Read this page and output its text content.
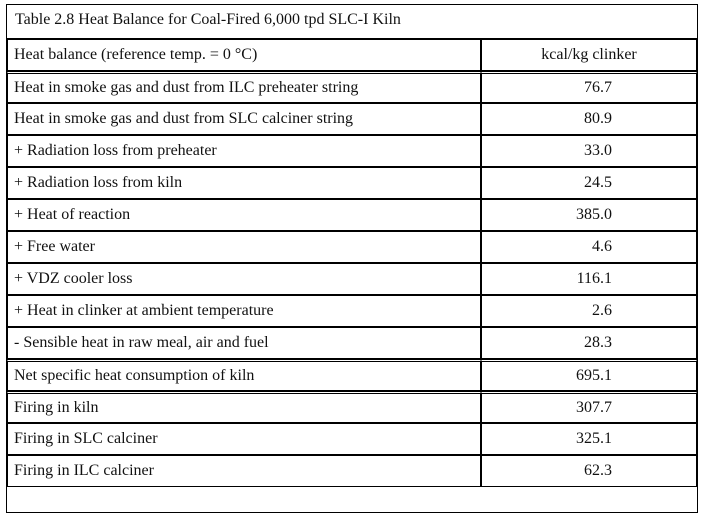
Table 2.8 Heat Balance for Coal-Fired 6,000 tpd SLC-I Kiln
Heat balance (reference temp. = 0 °C)	kcal/kg clinker
Heat in smoke gas and dust from ILC preheater string	76.7
Heat in smoke gas and dust from SLC calciner string	80.9
+ Radiation loss from preheater	33.0
+ Radiation loss from kiln	24.5
+ Heat of reaction	385.0
+ Free water	4.6
+ VDZ cooler loss	116.1
+ Heat in clinker at ambient temperature	2.6
- Sensible heat in raw meal, air and fuel	28.3
Net specific heat consumption of kiln	695.1
Firing in kiln	307.7
Firing in SLC calciner	325.1
Firing in ILC calciner	62.3
